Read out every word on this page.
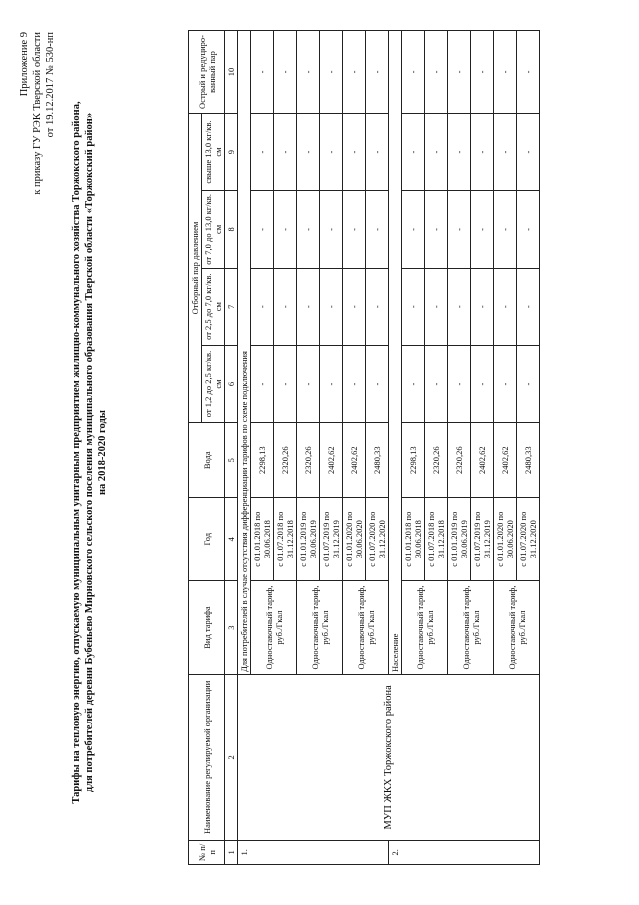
Приложение 9 к приказу ГУ РЭК Тверской области от 19.12.2017 № 530-нп
Тарифы на тепловую энергию, отпускаемую муниципальным унитарным предприятием жилищно-коммунального хозяйства Торжокского района, для потребителей деревни Бубеньево Мирновского сельского поселения муниципального образования Тверской области «Торжокский район» на 2018-2020 годы
№ п/ п	Наименование регулируемой организации	Вид тарифа	Год	Вода	Отборный пар давлением				Острый и редуциро-ванный пар
					от 1,2 до 2,5 кг/кв. см	от 2,5 до 7,0 кг/кв. см	от 7,0 до 13,0 кг/кв. см	свыше 13,0 кг/кв. см	
1	2	3	4	5	6	7	8	9	10
1.	МУП ЖКХ Торжокского района	Для потребителей в случае отсутствия дифференциации тарифов по схеме подключения							
		Одноставочный тариф, руб./Гкал	с 01.01.2018 по 30.06.2018	2298,13	-	-	-	-	-
			с 01.07.2018 по 31.12.2018	2320,26	-	-	-	-	-
		Одноставочный тариф, руб./Гкал	с 01.01.2019 по 30.06.2019	2320,26	-	-	-	-	-
			с 01.07.2019 по 31.12.2019	2402,62	-	-	-	-	-
		Одноставочный тариф, руб./Гкал	с 01.01.2020 по 30.06.2020	2402,62	-	-	-	-	-
			с 01.07.2020 по 31.12.2020	2480,33	-	-	-	-	-
2.		Население							
		Одноставочный тариф, руб./Гкал	с 01.01.2018 по 30.06.2018	2298,13	-	-	-	-	-
			с 01.07.2018 по 31.12.2018	2320,26	-	-	-	-	-
		Одноставочный тариф, руб./Гкал	с 01.01.2019 по 30.06.2019	2320,26	-	-	-	-	-
			с 01.07.2019 по 31.12.2019	2402,62	-	-	-	-	-
		Одноставочный тариф, руб./Гкал	с 01.01.2020 по 30.06.2020	2402,62	-	-	-	-	-
			с 01.07.2020 по 31.12.2020	2480,33	-	-	-	-	-
